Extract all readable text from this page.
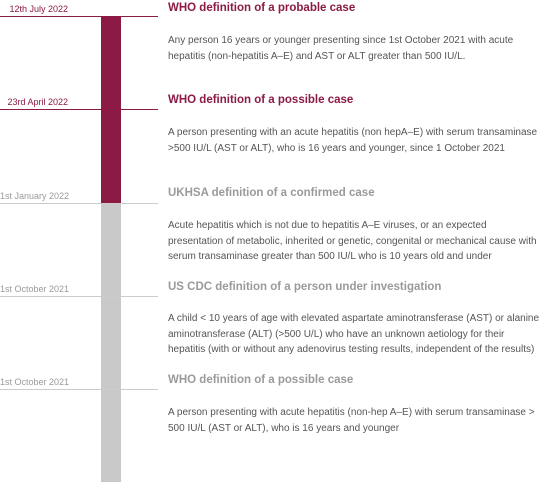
12th July 2022	WHO definition of a probable case
Any person 16 years or younger presenting since 1st October 2021 with acute hepatitis (non-hepatitis A–E) and AST or ALT greater than 500 IU/L.
23rd April 2022	WHO definition of a possible case
A person presenting with an acute hepatitis (non hepA–E) with serum transaminase >500 IU/L (AST or ALT), who is 16 years and younger, since 1 October 2021
1st January 2022	UKHSA definition of a confirmed case
Acute hepatitis which is not due to hepatitis A–E viruses, or an expected presentation of metabolic, inherited or genetic, congenital or mechanical cause with serum transaminase greater than 500 IU/L who is 10 years old and under
1st October 2021	US CDC definition of a person under investigation
A child < 10 years of age with elevated aspartate aminotransferase (AST) or alanine aminotransferase (ALT) (>500 U/L) who have an unknown aetiology for their hepatitis (with or without any adenovirus testing results, independent of the results)
1st October 2021	WHO definition of a possible case
A person presenting with acute hepatitis (non-hep A–E) with serum transaminase > 500 IU/L (AST or ALT), who is 16 years and younger
